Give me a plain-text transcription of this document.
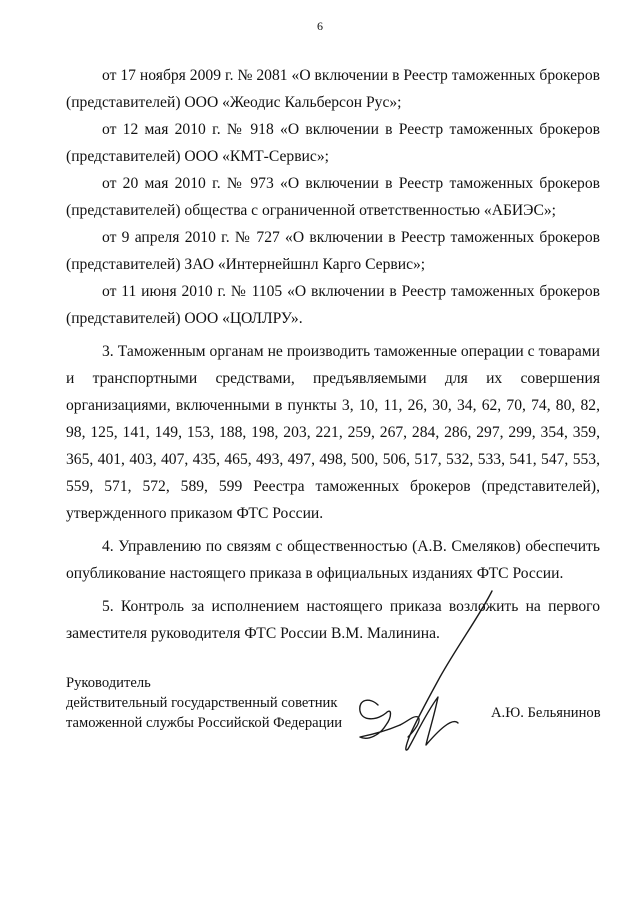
6

от 17 ноября 2009 г. № 2081 «О включении в Реестр таможенных брокеров (представителей) ООО «Жеодис Кальберсон Рус»;

от 12 мая 2010 г. № 918 «О включении в Реестр таможенных брокеров (представителей) ООО «КМТ-Сервис»;

от 20 мая 2010 г. № 973 «О включении в Реестр таможенных брокеров (представителей) общества с ограниченной ответственностью «АБИЭС»;

от 9 апреля 2010 г. № 727 «О включении в Реестр таможенных брокеров (представителей) ЗАО «Интернейшнл Карго Сервис»;

от 11 июня 2010 г. № 1105 «О включении в Реестр таможенных брокеров (представителей) ООО «ЦОЛЛРУ».

3. Таможенным органам не производить таможенные операции с товарами и транспортными средствами, предъявляемыми для их совершения организациями, включенными в пункты 3, 10, 11, 26, 30, 34, 62, 70, 74, 80, 82, 98, 125, 141, 149, 153, 188, 198, 203, 221, 259, 267, 284, 286, 297, 299, 354, 359, 365, 401, 403, 407, 435, 465, 493, 497, 498, 500, 506, 517, 532, 533, 541, 547, 553, 559, 571, 572, 589, 599 Реестра таможенных брокеров (представителей), утвержденного приказом ФТС России.

4. Управлению по связям с общественностью (А.В. Смеляков) обеспечить опубликование настоящего приказа в официальных изданиях ФТС России.

5. Контроль за исполнением настоящего приказа возложить на первого заместителя руководителя ФТС России В.М. Малинина.

Руководитель
действительный государственный советник
таможенной службы Российской Федерации
А.Ю. Бельянинов
